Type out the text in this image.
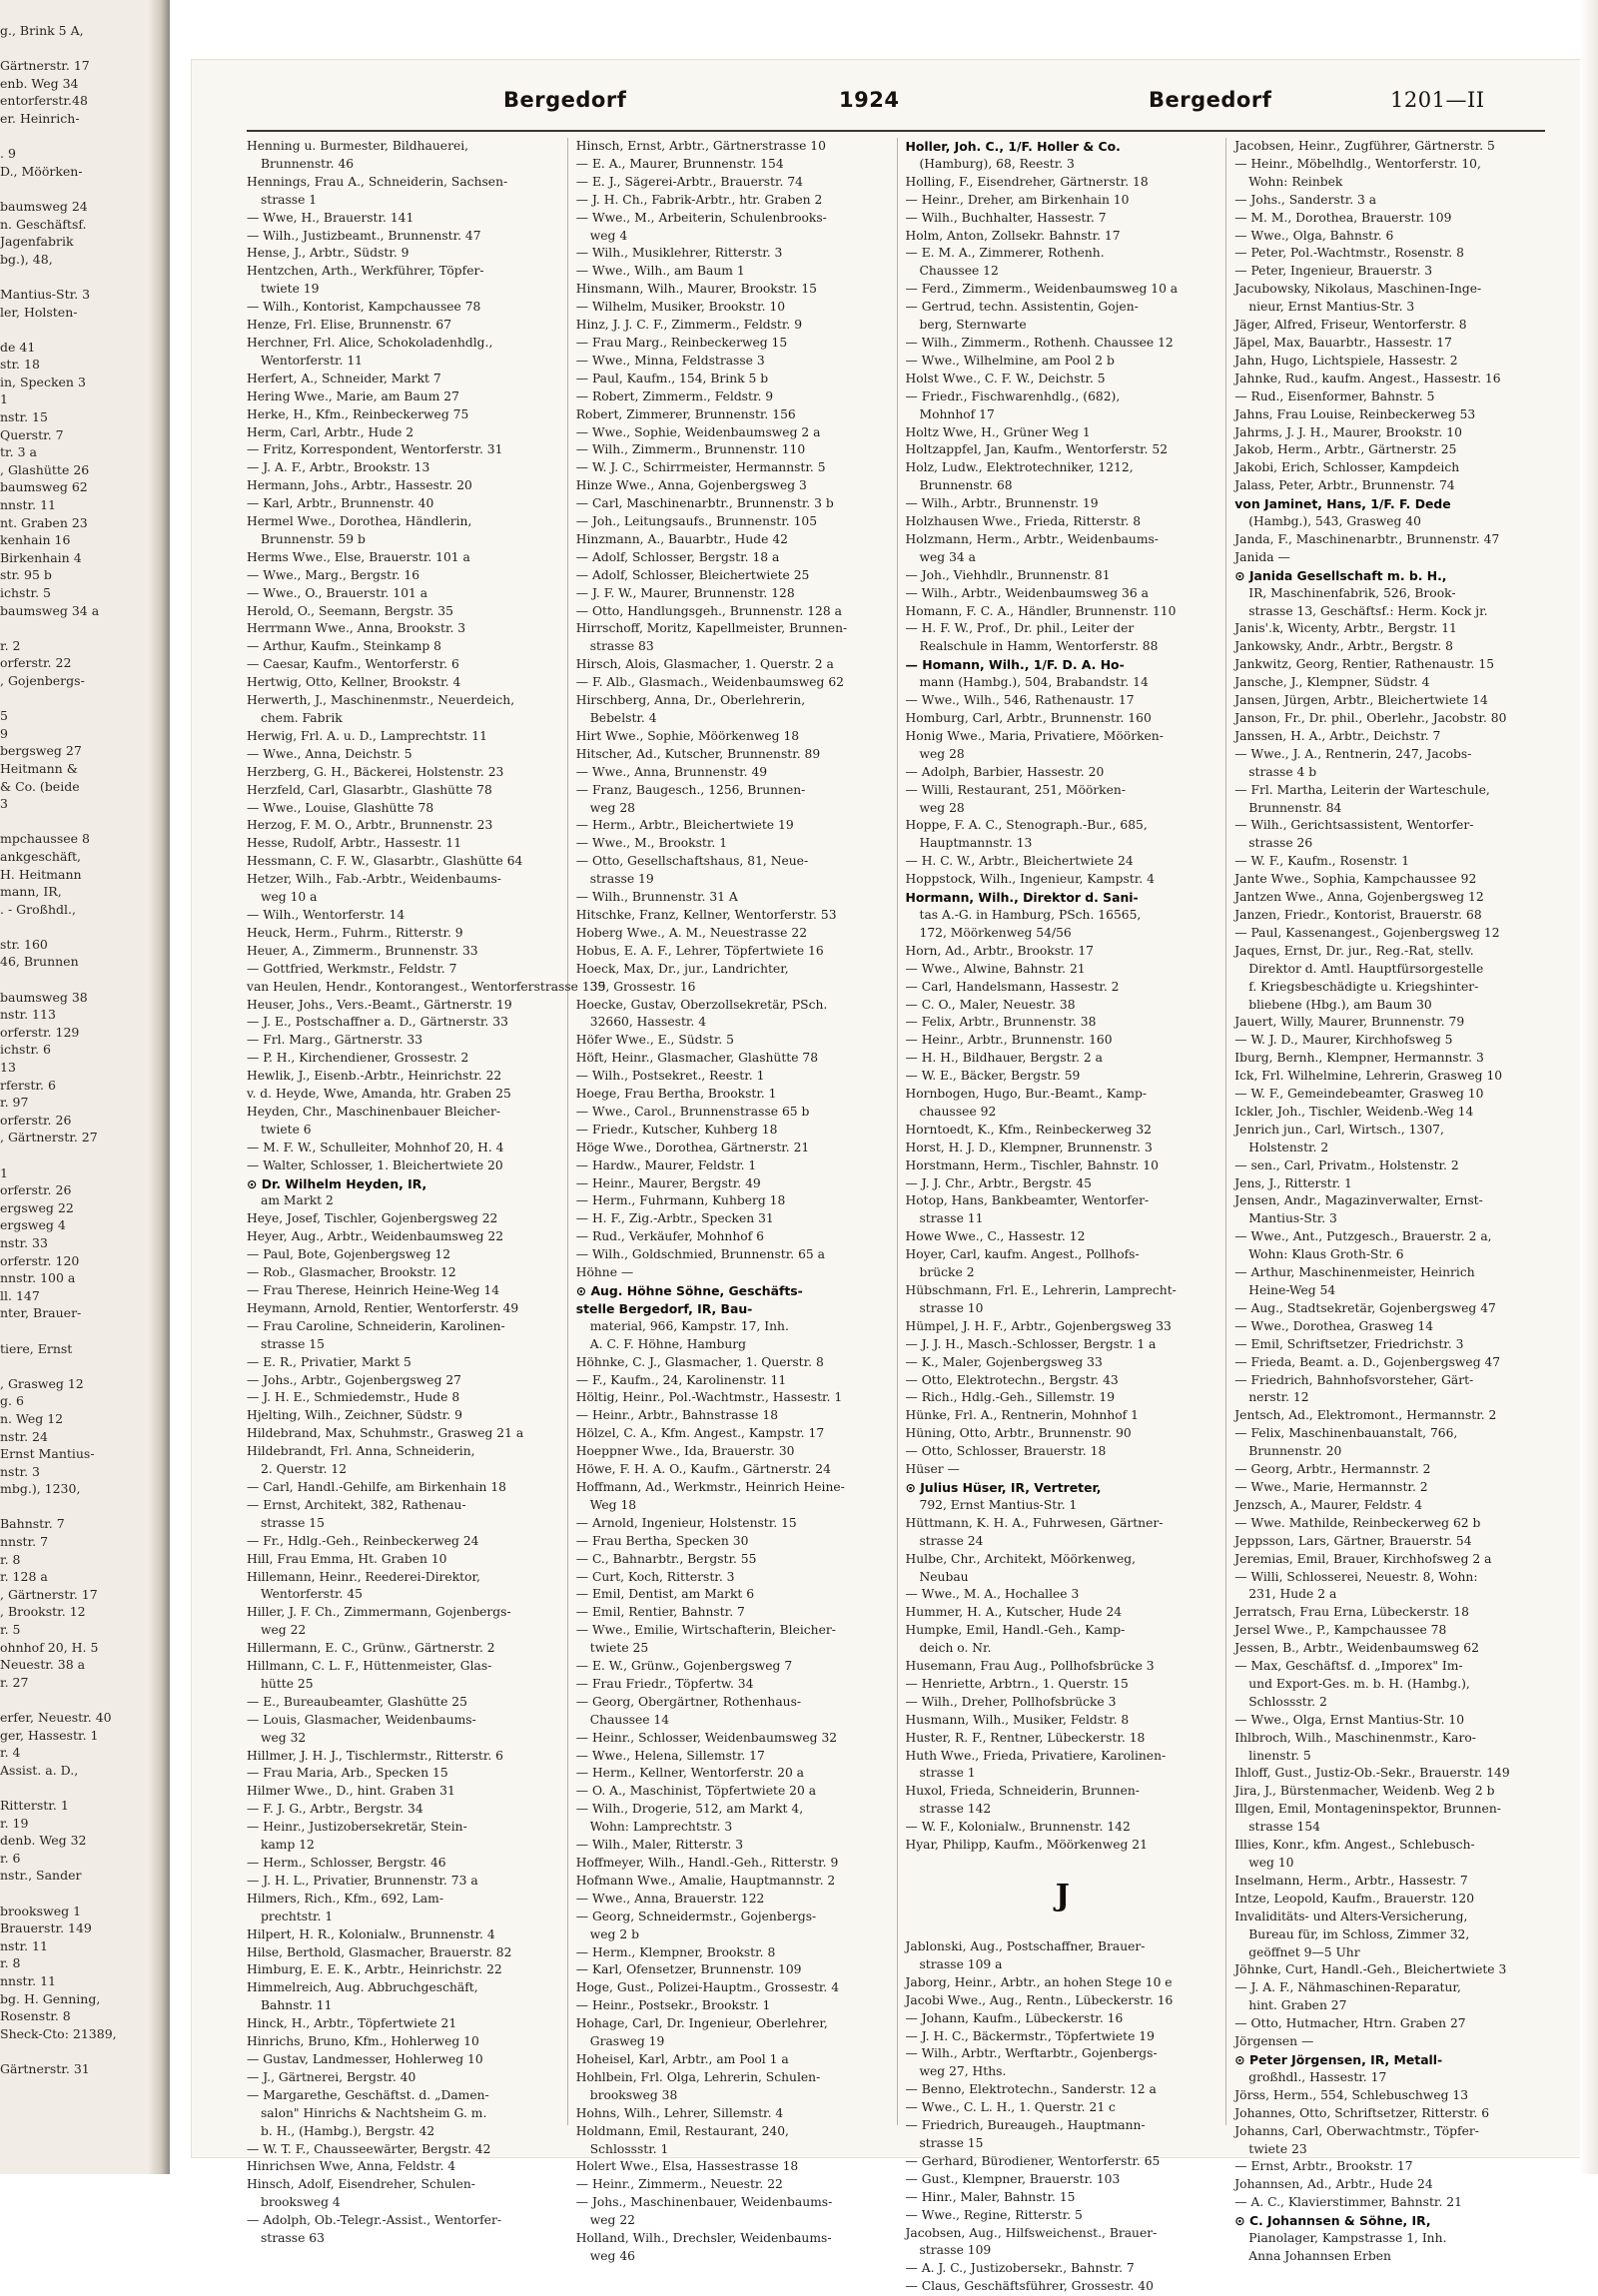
g., Brink 5 A,

Gärtnerstr. 17
enb. Weg 34
entorferstr.48
er. Heinrich-

. 9
D., Möörken-

baumsweg 24
n. Geschäftsf.
Jagenfabrik
bg.), 48,

Mantius-Str. 3
ler, Holsten-

de 41
str. 18
in, Specken 3
1
nstr. 15
Querstr. 7
tr. 3 a
, Glashütte 26
baumsweg 62
nnstr. 11
nt. Graben 23
kenhain 16
Birkenhain 4
str. 95 b
ichstr. 5
baumsweg 34 a

r. 2
orferstr. 22
, Gojenbergs-

5
9
bergsweg 27
Heitmann &
& Co. (beide
3

mpchaussee 8
ankgeschäft,
H. Heitmann
mann, IR,
. - Großhdl.,

str. 160
46, Brunnen

baumsweg 38
nstr. 113
orferstr. 129
ichstr. 6
13
rferstr. 6
r. 97
orferstr. 26
, Gärtnerstr. 27

1
orferstr. 26
ergsweg 22
ergsweg 4
nstr. 33
orferstr. 120
nnstr. 100 a
ll. 147
nter, Brauer-

tiere, Ernst

, Grasweg 12
g. 6
n. Weg 12
nstr. 24
Ernst Mantius-
nstr. 3
mbg.), 1230,

Bahnstr. 7
nnstr. 7
r. 8
r. 128 a
, Gärtnerstr. 17
, Brookstr. 12
r. 5
ohnhof 20, H. 5
Neuestr. 38 a
r. 27

erfer, Neuestr. 40
ger, Hassestr. 1
r. 4
Assist. a. D.,

Ritterstr. 1
r. 19
denb. Weg 32
r. 6
nstr., Sander

brooksweg 1
Brauerstr. 149
nstr. 11
r. 8
nnstr. 11
bg. H. Genning,
Rosenstr. 8
Sheck-Cto: 21389,

Gärtnerstr. 31
Bergedorf	1924	Bergedorf	1201—II
Henning u. Burmester, Bildhauerei,
Brunnenstr. 46
Hennings, Frau A., Schneiderin, Sachsen-
strasse 1
— Wwe, H., Brauerstr. 141
— Wilh., Justizbeamt., Brunnenstr. 47
Hense, J., Arbtr., Südstr. 9
Hentzchen, Arth., Werkführer, Töpfer-
twiete 19
— Wilh., Kontorist, Kampchaussee 78
Henze, Frl. Elise, Brunnenstr. 67
Herchner, Frl. Alice, Schokoladenhdlg.,
Wentorferstr. 11
Herfert, A., Schneider, Markt 7
Hering Wwe., Marie, am Baum 27
Herke, H., Kfm., Reinbeckerweg 75
Herm, Carl, Arbtr., Hude 2
— Fritz, Korrespondent, Wentorferstr. 31
— J. A. F., Arbtr., Brookstr. 13
Hermann, Johs., Arbtr., Hassestr. 20
— Karl, Arbtr., Brunnenstr. 40
Hermel Wwe., Dorothea, Händlerin,
Brunnenstr. 59 b
Herms Wwe., Else, Brauerstr. 101 a
— Wwe., Marg., Bergstr. 16
— Wwe., O., Brauerstr. 101 a
Herold, O., Seemann, Bergstr. 35
Herrmann Wwe., Anna, Brookstr. 3
— Arthur, Kaufm., Steinkamp 8
— Caesar, Kaufm., Wentorferstr. 6
Hertwig, Otto, Kellner, Brookstr. 4
Herwerth, J., Maschinenmstr., Neuerdeich,
chem. Fabrik
Herwig, Frl. A. u. D., Lamprechtstr. 11
— Wwe., Anna, Deichstr. 5
Herzberg, G. H., Bäckerei, Holstenstr. 23
Herzfeld, Carl, Glasarbtr., Glashütte 78
— Wwe., Louise, Glashütte 78
Herzog, F. M. O., Arbtr., Brunnenstr. 23
Hesse, Rudolf, Arbtr., Hassestr. 11
Hessmann, C. F. W., Glasarbtr., Glashütte 64
Hetzer, Wilh., Fab.-Arbtr., Weidenbaums-
weg 10 a
— Wilh., Wentorferstr. 14
Heuck, Herm., Fuhrm., Ritterstr. 9
Heuer, A., Zimmerm., Brunnenstr. 33
— Gottfried, Werkmstr., Feldstr. 7
van Heulen, Hendr., Kontorangest., Wentorferstrasse 139
Heuser, Johs., Vers.-Beamt., Gärtnerstr. 19
— J. E., Postschaffner a. D., Gärtnerstr. 33
— Frl. Marg., Gärtnerstr. 33
— P. H., Kirchendiener, Grossestr. 2
Hewlik, J., Eisenb.-Arbtr., Heinrichstr. 22
v. d. Heyde, Wwe, Amanda, htr. Graben 25
Heyden, Chr., Maschinenbauer Bleicher-
twiete 6
— M. F. W., Schulleiter, Mohnhof 20, H. 4
— Walter, Schlosser, 1. Bleichertwiete 20
⊙ Dr. Wilhelm Heyden, IR,
am Markt 2
Heye, Josef, Tischler, Gojenbergsweg 22
Heyer, Aug., Arbtr., Weidenbaumsweg 22
— Paul, Bote, Gojenbergsweg 12
— Rob., Glasmacher, Brookstr. 12
— Frau Therese, Heinrich Heine-Weg 14
Heymann, Arnold, Rentier, Wentorferstr. 49
— Frau Caroline, Schneiderin, Karolinen-
strasse 15
— E. R., Privatier, Markt 5
— Johs., Arbtr., Gojenbergsweg 27
— J. H. E., Schmiedemstr., Hude 8
Hjelting, Wilh., Zeichner, Südstr. 9
Hildebrand, Max, Schuhmstr., Grasweg 21 a
Hildebrandt, Frl. Anna, Schneiderin,
2. Querstr. 12
— Carl, Handl.-Gehilfe, am Birkenhain 18
— Ernst, Architekt, 382, Rathenau-
strasse 15
— Fr., Hdlg.-Geh., Reinbeckerweg 24
Hill, Frau Emma, Ht. Graben 10
Hillemann, Heinr., Reederei-Direktor,
Wentorferstr. 45
Hiller, J. F. Ch., Zimmermann, Gojenbergs-
weg 22
Hillermann, E. C., Grünw., Gärtnerstr. 2
Hillmann, C. L. F., Hüttenmeister, Glas-
hütte 25
— E., Bureaubeamter, Glashütte 25
— Louis, Glasmacher, Weidenbaums-
weg 32
Hillmer, J. H. J., Tischlermstr., Ritterstr. 6
— Frau Maria, Arb., Specken 15
Hilmer Wwe., D., hint. Graben 31
— F. J. G., Arbtr., Bergstr. 34
— Heinr., Justizobersekretär, Stein-
kamp 12
— Herm., Schlosser, Bergstr. 46
— J. H. L., Privatier, Brunnenstr. 73 a
Hilmers, Rich., Kfm., 692, Lam-
prechtstr. 1
Hilpert, H. R., Kolonialw., Brunnenstr. 4
Hilse, Berthold, Glasmacher, Brauerstr. 82
Himburg, E. E. K., Arbtr., Heinrichstr. 22
Himmelreich, Aug. Abbruchgeschäft,
Bahnstr. 11
Hinck, H., Arbtr., Töpfertwiete 21
Hinrichs, Bruno, Kfm., Hohlerweg 10
— Gustav, Landmesser, Hohlerweg 10
— J., Gärtnerei, Bergstr. 40
— Margarethe, Geschäftst. d. „Damen-
salon" Hinrichs & Nachtsheim G. m.
b. H., (Hambg.), Bergstr. 42
— W. T. F., Chausseewärter, Bergstr. 42
Hinrichsen Wwe, Anna, Feldstr. 4
Hinsch, Adolf, Eisendreher, Schulen-
brooksweg 4
— Adolph, Ob.-Telegr.-Assist., Wentorfer-
strasse 63
Hinsch, Ernst, Arbtr., Gärtnerstrasse 10
— E. A., Maurer, Brunnenstr. 154
— E. J., Sägerei-Arbtr., Brauerstr. 74
— J. H. Ch., Fabrik-Arbtr., htr. Graben 2
— Wwe., M., Arbeiterin, Schulenbrooks-
weg 4
— Wilh., Musiklehrer, Ritterstr. 3
— Wwe., Wilh., am Baum 1
Hinsmann, Wilh., Maurer, Brookstr. 15
— Wilhelm, Musiker, Brookstr. 10
Hinz, J. J. C. F., Zimmerm., Feldstr. 9
— Frau Marg., Reinbeckerweg 15
— Wwe., Minna, Feldstrasse 3
— Paul, Kaufm., 154, Brink 5 b
— Robert, Zimmerm., Feldstr. 9
Robert, Zimmerer, Brunnenstr. 156
— Wwe., Sophie, Weidenbaumsweg 2 a
— Wilh., Zimmerm., Brunnenstr. 110
— W. J. C., Schirrmeister, Hermannstr. 5
Hinze Wwe., Anna, Gojenbergsweg 3
— Carl, Maschinenarbtr., Brunnenstr. 3 b
— Joh., Leitungsaufs., Brunnenstr. 105
Hinzmann, A., Bauarbtr., Hude 42
— Adolf, Schlosser, Bergstr. 18 a
— Adolf, Schlosser, Bleichertwiete 25
— J. F. W., Maurer, Brunnenstr. 128
— Otto, Handlungsgeh., Brunnenstr. 128 a
Hirrschoff, Moritz, Kapellmeister, Brunnen-
strasse 83
Hirsch, Alois, Glasmacher, 1. Querstr. 2 a
— F. Alb., Glasmach., Weidenbaumsweg 62
Hirschberg, Anna, Dr., Oberlehrerin,
Bebelstr. 4
Hirt Wwe., Sophie, Möörkenweg 18
Hitscher, Ad., Kutscher, Brunnenstr. 89
— Wwe., Anna, Brunnenstr. 49
— Franz, Baugesch., 1256, Brunnen-
weg 28
— Herm., Arbtr., Bleichertwiete 19
— Wwe., M., Brookstr. 1
— Otto, Gesellschaftshaus, 81, Neue-
strasse 19
— Wilh., Brunnenstr. 31 A
Hitschke, Franz, Kellner, Wentorferstr. 53
Hoberg Wwe., A. M., Neuestrasse 22
Hobus, E. A. F., Lehrer, Töpfertwiete 16
Hoeck, Max, Dr., jur., Landrichter,
35, Grossestr. 16
Hoecke, Gustav, Oberzollsekretär, PSch.
32660, Hassestr. 4
Höfer Wwe., E., Südstr. 5
Höft, Heinr., Glasmacher, Glashütte 78
— Wilh., Postsekret., Reestr. 1
Hoege, Frau Bertha, Brookstr. 1
— Wwe., Carol., Brunnenstrasse 65 b
— Friedr., Kutscher, Kuhberg 18
Höge Wwe., Dorothea, Gärtnerstr. 21
— Hardw., Maurer, Feldstr. 1
— Heinr., Maurer, Bergstr. 49
— Herm., Fuhrmann, Kuhberg 18
— H. F., Zig.-Arbtr., Specken 31
— Rud., Verkäufer, Mohnhof 6
— Wilh., Goldschmied, Brunnenstr. 65 a
Höhne —
⊙ Aug. Höhne Söhne, Geschäfts-
stelle Bergedorf, IR, Bau-
material, 966, Kampstr. 17, Inh.
A. C. F. Höhne, Hamburg
Höhnke, C. J., Glasmacher, 1. Querstr. 8
— F., Kaufm., 24, Karolinenstr. 11
Höltig, Heinr., Pol.-Wachtmstr., Hassestr. 1
— Heinr., Arbtr., Bahnstrasse 18
Hölzel, C. A., Kfm. Angest., Kampstr. 17
Hoeppner Wwe., Ida, Brauerstr. 30
Höwe, F. H. A. O., Kaufm., Gärtnerstr. 24
Hoffmann, Ad., Werkmstr., Heinrich Heine-
Weg 18
— Arnold, Ingenieur, Holstenstr. 15
— Frau Bertha, Specken 30
— C., Bahnarbtr., Bergstr. 55
— Curt, Koch, Ritterstr. 3
— Emil, Dentist, am Markt 6
— Emil, Rentier, Bahnstr. 7
— Wwe., Emilie, Wirtschafterin, Bleicher-
twiete 25
— E. W., Grünw., Gojenbergsweg 7
— Frau Friedr., Töpfertw. 34
— Georg, Obergärtner, Rothenhaus-
Chaussee 14
— Heinr., Schlosser, Weidenbaumsweg 32
— Wwe., Helena, Sillemstr. 17
— Herm., Kellner, Wentorferstr. 20 a
— O. A., Maschinist, Töpfertwiete 20 a
— Wilh., Drogerie, 512, am Markt 4,
Wohn: Lamprechtstr. 3
— Wilh., Maler, Ritterstr. 3
Hoffmeyer, Wilh., Handl.-Geh., Ritterstr. 9
Hofmann Wwe., Amalie, Hauptmannstr. 2
— Wwe., Anna, Brauerstr. 122
— Georg, Schneidermstr., Gojenbergs-
weg 2 b
— Herm., Klempner, Brookstr. 8
— Karl, Ofensetzer, Brunnenstr. 109
Hoge, Gust., Polizei-Hauptm., Grossestr. 4
— Heinr., Postsekr., Brookstr. 1
Hohage, Carl, Dr. Ingenieur, Oberlehrer,
Grasweg 19
Hoheisel, Karl, Arbtr., am Pool 1 a
Hohlbein, Frl. Olga, Lehrerin, Schulen-
brooksweg 38
Hohns, Wilh., Lehrer, Sillemstr. 4
Holdmann, Emil, Restaurant, 240,
Schlossstr. 1
Holert Wwe., Elsa, Hassestrasse 18
— Heinr., Zimmerm., Neuestr. 22
— Johs., Maschinenbauer, Weidenbaums-
weg 22
Holland, Wilh., Drechsler, Weidenbaums-
weg 46
Holler, Joh. C., 1/F. Holler & Co.
(Hamburg), 68, Reestr. 3
Holling, F., Eisendreher, Gärtnerstr. 18
— Heinr., Dreher, am Birkenhain 10
— Wilh., Buchhalter, Hassestr. 7
Holm, Anton, Zollsekr. Bahnstr. 17
— E. M. A., Zimmerer, Rothenh.
Chaussee 12
— Ferd., Zimmerm., Weidenbaumsweg 10 a
— Gertrud, techn. Assistentin, Gojen-
berg, Sternwarte
— Wilh., Zimmerm., Rothenh. Chaussee 12
— Wwe., Wilhelmine, am Pool 2 b
Holst Wwe., C. F. W., Deichstr. 5
— Friedr., Fischwarenhdlg., (682),
Mohnhof 17
Holtz Wwe, H., Grüner Weg 1
Holtzappfel, Jan, Kaufm., Wentorferstr. 52
Holz, Ludw., Elektrotechniker, 1212,
Brunnenstr. 68
— Wilh., Arbtr., Brunnenstr. 19
Holzhausen Wwe., Frieda, Ritterstr. 8
Holzmann, Herm., Arbtr., Weidenbaums-
weg 34 a
— Joh., Viehhdlr., Brunnenstr. 81
— Wilh., Arbtr., Weidenbaumsweg 36 a
Homann, F. C. A., Händler, Brunnenstr. 110
— H. F. W., Prof., Dr. phil., Leiter der
Realschule in Hamm, Wentorferstr. 88
— Homann, Wilh., 1/F. D. A. Ho-
mann (Hambg.), 504, Brabandstr. 14
— Wwe., Wilh., 546, Rathenaustr. 17
Homburg, Carl, Arbtr., Brunnenstr. 160
Honig Wwe., Maria, Privatiere, Möörken-
weg 28
— Adolph, Barbier, Hassestr. 20
— Willi, Restaurant, 251, Möörken-
weg 28
Hoppe, F. A. C., Stenograph.-Bur., 685,
Hauptmannstr. 13
— H. C. W., Arbtr., Bleichertwiete 24
Hoppstock, Wilh., Ingenieur, Kampstr. 4
Hormann, Wilh., Direktor d. Sani-
tas A.-G. in Hamburg, PSch. 16565,
172, Möörkenweg 54/56
Horn, Ad., Arbtr., Brookstr. 17
— Wwe., Alwine, Bahnstr. 21
— Carl, Handelsmann, Hassestr. 2
— C. O., Maler, Neuestr. 38
— Felix, Arbtr., Brunnenstr. 38
— Heinr., Arbtr., Brunnenstr. 160
— H. H., Bildhauer, Bergstr. 2 a
— W. E., Bäcker, Bergstr. 59
Hornbogen, Hugo, Bur.-Beamt., Kamp-
chaussee 92
Horntoedt, K., Kfm., Reinbeckerweg 32
Horst, H. J. D., Klempner, Brunnenstr. 3
Horstmann, Herm., Tischler, Bahnstr. 10
— J. J. Chr., Arbtr., Bergstr. 45
Hotop, Hans, Bankbeamter, Wentorfer-
strasse 11
Howe Wwe., C., Hassestr. 12
Hoyer, Carl, kaufm. Angest., Pollhofs-
brücke 2
Hübschmann, Frl. E., Lehrerin, Lamprecht-
strasse 10
Hümpel, J. H. F., Arbtr., Gojenbergsweg 33
— J. J. H., Masch.-Schlosser, Bergstr. 1 a
— K., Maler, Gojenbergsweg 33
— Otto, Elektrotechn., Bergstr. 43
— Rich., Hdlg.-Geh., Sillemstr. 19
Hünke, Frl. A., Rentnerin, Mohnhof 1
Hüning, Otto, Arbtr., Brunnenstr. 90
— Otto, Schlosser, Brauerstr. 18
Hüser —
⊙ Julius Hüser, IR, Vertreter,
792, Ernst Mantius-Str. 1
Hüttmann, K. H. A., Fuhrwesen, Gärtner-
strasse 24
Hulbe, Chr., Architekt, Möörkenweg,
Neubau
— Wwe., M. A., Hochallee 3
Hummer, H. A., Kutscher, Hude 24
Humpke, Emil, Handl.-Geh., Kamp-
deich o. Nr.
Husemann, Frau Aug., Pollhofsbrücke 3
— Henriette, Arbtrn., 1. Querstr. 15
— Wilh., Dreher, Pollhofsbrücke 3
Husmann, Wilh., Musiker, Feldstr. 8
Huster, R. F., Rentner, Lübeckerstr. 18
Huth Wwe., Frieda, Privatiere, Karolinen-
strasse 1
Huxol, Frieda, Schneiderin, Brunnen-
strasse 142
— W. F., Kolonialw., Brunnenstr. 142
Hyar, Philipp, Kaufm., Möörkenweg 21
J
Jablonski, Aug., Postschaffner, Brauer-
strasse 109 a
Jaborg, Heinr., Arbtr., an hohen Stege 10 e
Jacobi Wwe., Aug., Rentn., Lübeckerstr. 16
— Johann, Kaufm., Lübeckerstr. 16
— J. H. C., Bäckermstr., Töpfertwiete 19
— Wilh., Arbtr., Werftarbtr., Gojenbergs-
weg 27, Hths.
— Benno, Elektrotechn., Sanderstr. 12 a
— Wwe., C. L. H., 1. Querstr. 21 c
— Friedrich, Bureaugeh., Hauptmann-
strasse 15
— Gerhard, Bürodiener, Wentorferstr. 65
— Gust., Klempner, Brauerstr. 103
— Hinr., Maler, Bahnstr. 15
— Wwe., Regine, Ritterstr. 5
Jacobsen, Aug., Hilfsweichenst., Brauer-
strasse 109
— A. J. C., Justizobersekr., Bahnstr. 7
— Claus, Geschäftsführer, Grossestr. 40
Jacobsen, Heinr., Zugführer, Gärtnerstr. 5
— Heinr., Möbelhdlg., Wentorferstr. 10,
Wohn: Reinbek
— Johs., Sanderstr. 3 a
— M. M., Dorothea, Brauerstr. 109
— Wwe., Olga, Bahnstr. 6
— Peter, Pol.-Wachtmstr., Rosenstr. 8
— Peter, Ingenieur, Brauerstr. 3
Jacubowsky, Nikolaus, Maschinen-Inge-
nieur, Ernst Mantius-Str. 3
Jäger, Alfred, Friseur, Wentorferstr. 8
Jäpel, Max, Bauarbtr., Hassestr. 17
Jahn, Hugo, Lichtspiele, Hassestr. 2
Jahnke, Rud., kaufm. Angest., Hassestr. 16
— Rud., Eisenformer, Bahnstr. 5
Jahns, Frau Louise, Reinbeckerweg 53
Jahrms, J. J. H., Maurer, Brookstr. 10
Jakob, Herm., Arbtr., Gärtnerstr. 25
Jakobi, Erich, Schlosser, Kampdeich
Jalass, Peter, Arbtr., Brunnenstr. 74
von Jaminet, Hans, 1/F. F. Dede
(Hambg.), 543, Grasweg 40
Janda, F., Maschinenarbtr., Brunnenstr. 47
Janida —
⊙ Janida Gesellschaft m. b. H.,
IR, Maschinenfabrik, 526, Brook-
strasse 13, Geschäftsf.: Herm. Kock jr.
Janis'.k, Wicenty, Arbtr., Bergstr. 11
Jankowsky, Andr., Arbtr., Bergstr. 8
Jankwitz, Georg, Rentier, Rathenaustr. 15
Jansche, J., Klempner, Südstr. 4
Jansen, Jürgen, Arbtr., Bleichertwiete 14
Janson, Fr., Dr. phil., Oberlehr., Jacobstr. 80
Janssen, H. A., Arbtr., Deichstr. 7
— Wwe., J. A., Rentnerin, 247, Jacobs-
strasse 4 b
— Frl. Martha, Leiterin der Warteschule,
Brunnenstr. 84
— Wilh., Gerichtsassistent, Wentorfer-
strasse 26
— W. F., Kaufm., Rosenstr. 1
Jante Wwe., Sophia, Kampchaussee 92
Jantzen Wwe., Anna, Gojenbergsweg 12
Janzen, Friedr., Kontorist, Brauerstr. 68
— Paul, Kassenangest., Gojenbergsweg 12
Jaques, Ernst, Dr. jur., Reg.-Rat, stellv.
Direktor d. Amtl. Hauptfürsorgestelle
f. Kriegsbeschädigte u. Kriegshinter-
bliebene (Hbg.), am Baum 30
Jauert, Willy, Maurer, Brunnenstr. 79
— W. J. D., Maurer, Kirchhofsweg 5
Iburg, Bernh., Klempner, Hermannstr. 3
Ick, Frl. Wilhelmine, Lehrerin, Grasweg 10
— W. F., Gemeindebeamter, Grasweg 10
Ickler, Joh., Tischler, Weidenb.-Weg 14
Jenrich jun., Carl, Wirtsch., 1307,
Holstenstr. 2
— sen., Carl, Privatm., Holstenstr. 2
Jens, J., Ritterstr. 1
Jensen, Andr., Magazinverwalter, Ernst-
Mantius-Str. 3
— Wwe., Ant., Putzgesch., Brauerstr. 2 a,
Wohn: Klaus Groth-Str. 6
— Arthur, Maschinenmeister, Heinrich
Heine-Weg 54
— Aug., Stadtsekretär, Gojenbergsweg 47
— Wwe., Dorothea, Grasweg 14
— Emil, Schriftsetzer, Friedrichstr. 3
— Frieda, Beamt. a. D., Gojenbergsweg 47
— Friedrich, Bahnhofsvorsteher, Gärt-
nerstr. 12
Jentsch, Ad., Elektromont., Hermannstr. 2
— Felix, Maschinenbauanstalt, 766,
Brunnenstr. 20
— Georg, Arbtr., Hermannstr. 2
— Wwe., Marie, Hermannstr. 2
Jenzsch, A., Maurer, Feldstr. 4
— Wwe. Mathilde, Reinbeckerweg 62 b
Jeppsson, Lars, Gärtner, Brauerstr. 54
Jeremias, Emil, Brauer, Kirchhofsweg 2 a
— Willi, Schlosserei, Neuestr. 8, Wohn:
231, Hude 2 a
Jerratsch, Frau Erna, Lübeckerstr. 18
Jersel Wwe., P., Kampchaussee 78
Jessen, B., Arbtr., Weidenbaumsweg 62
— Max, Geschäftsf. d. „Imporex" Im-
und Export-Ges. m. b. H. (Hambg.),
Schlossstr. 2
— Wwe., Olga, Ernst Mantius-Str. 10
Ihlbroch, Wilh., Maschinenmstr., Karo-
linenstr. 5
Ihloff, Gust., Justiz-Ob.-Sekr., Brauerstr. 149
Jira, J., Bürstenmacher, Weidenb. Weg 2 b
Illgen, Emil, Montageninspektor, Brunnen-
strasse 154
Illies, Konr., kfm. Angest., Schlebusch-
weg 10
Inselmann, Herm., Arbtr., Hassestr. 7
Intze, Leopold, Kaufm., Brauerstr. 120
Invaliditäts- und Alters-Versicherung,
Bureau für, im Schloss, Zimmer 32,
geöffnet 9—5 Uhr
Jöhnke, Curt, Handl.-Geh., Bleichertwiete 3
— J. A. F., Nähmaschinen-Reparatur,
hint. Graben 27
— Otto, Hutmacher, Htrn. Graben 27
Jörgensen —
⊙ Peter Jörgensen, IR, Metall-
großhdl., Hassestr. 17
Jörss, Herm., 554, Schlebuschweg 13
Johannes, Otto, Schriftsetzer, Ritterstr. 6
Johanns, Carl, Oberwachtmstr., Töpfer-
twiete 23
— Ernst, Arbtr., Brookstr. 17
Johannsen, Ad., Arbtr., Hude 24
— A. C., Klavierstimmer, Bahnstr. 21
⊙ C. Johannsen & Söhne, IR,
Pianolager, Kampstrasse 1, Inh.
Anna Johannsen Erben
